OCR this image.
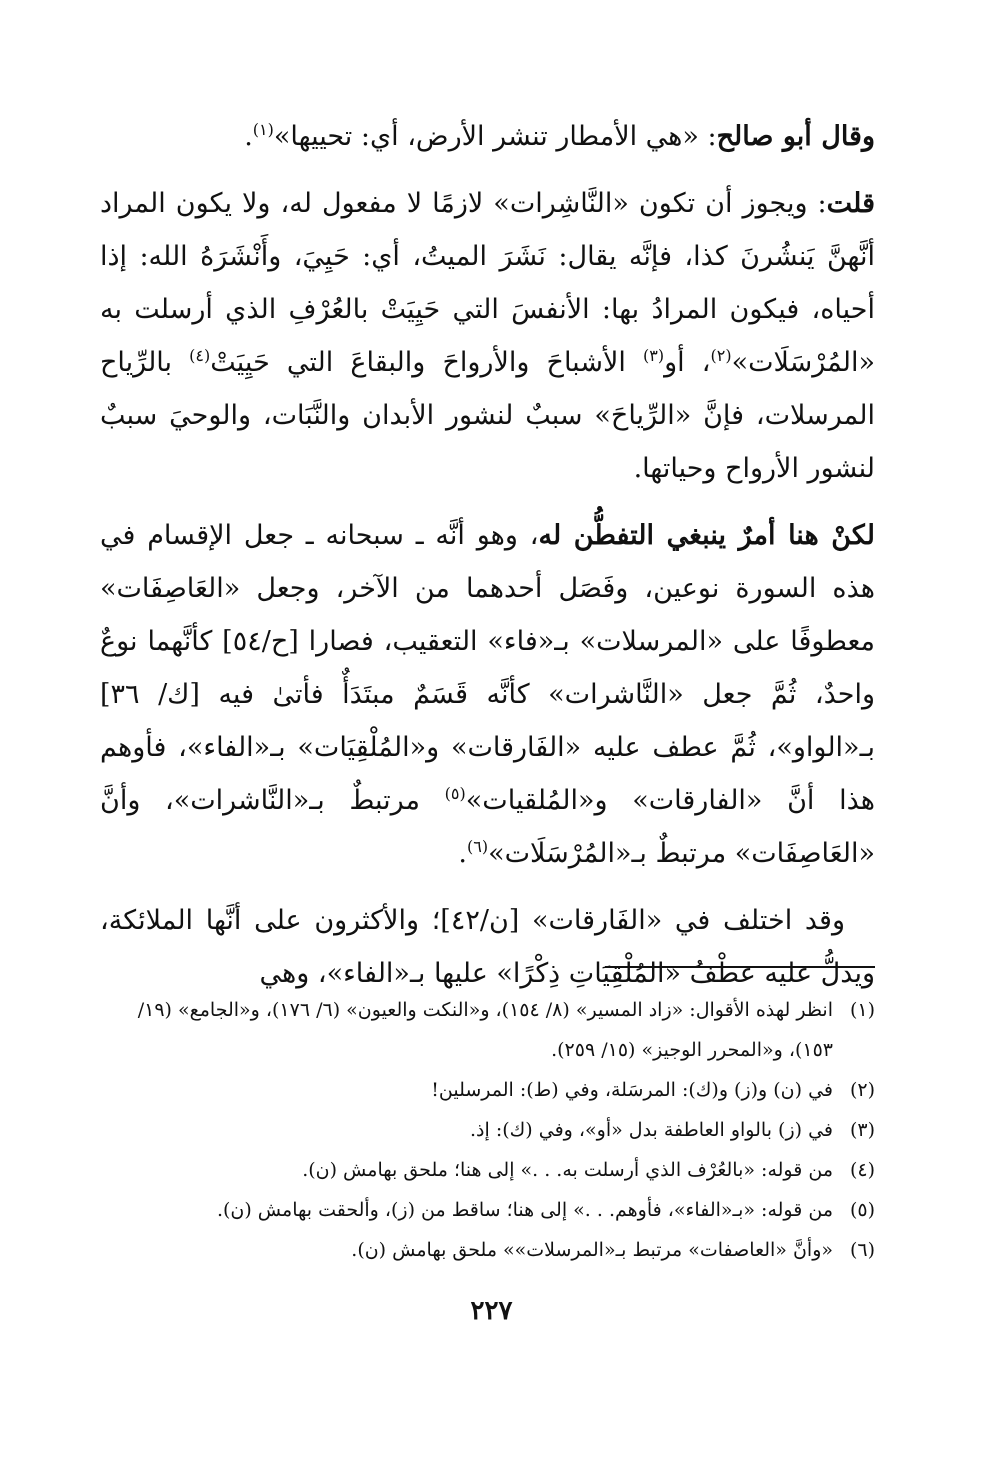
وقال أبو صالح: «هي الأمطار تنشر الأرض، أي: تحييها»$^{(١)}$.

قلت: ويجوز أن تكون «النَّاشِرات» لازمًا لا مفعول له، ولا يكون المراد أنَّهنَّ يَنشُرنَ كذا، فإنَّه يقال: نَشَرَ الميتُ، أي: حَيِيَ، وأَنْشَرَهُ الله: إذا أحياه، فيكون المرادُ بها: الأنفسَ التي حَيِيَتْ بالعُرْفِ الذي أرسلت به «المُرْسَلَات»$^{(٢)}$، أو$^{(٣)}$ الأشباحَ والأرواحَ والبقاعَ التي حَيِيَتْ$^{(٤)}$ بالرِّياح المرسلات، فإنَّ «الرِّياحَ» سببٌ لنشور الأبدان والنَّبَات، والوحيَ سببٌ لنشور الأرواح وحياتها.

لكنْ هنا أمرٌ ينبغي التفطُّن له، وهو أنَّه ـ سبحانه ـ جعل الإقسام في هذه السورة نوعين، وفَصَل أحدهما من الآخر، وجعل «العَاصِفَات» معطوفًا على «المرسلات» بـ«فاء» التعقيب، فصارا [ح/٥٤] كأنَّهما نوعٌ واحدٌ، ثُمَّ جعل «النَّاشرات» كأنَّه قَسَمٌ مبتَدَأٌ فأتىٰ فيه [ك/ ٣٦] بـ«الواو»، ثُمَّ عطف عليه «الفَارقات» و«المُلْقِيَات» بـ«الفاء»، فأوهم هذا أنَّ «الفارقات» و«المُلقيات»$^{(٥)}$ مرتبطٌ بـ«النَّاشرات»، وأنَّ «العَاصِفَات» مرتبطٌ بـ«المُرْسَلَات»$^{(٦)}$.

وقد اختلف في «الفَارقات» [ن/٤٢]؛ والأكثرون على أنَّها الملائكة، ويدلُّ عليه عطْفُ «المُلْقِيَاتِ ذِكْرًا» عليها بـ«الفاء»، وهي

(١)
انظر لهذه الأقوال: «زاد المسير» (٨/ ١٥٤)، و«النكت والعيون» (٦/ ١٧٦)، و«الجامع» (١٩/ ١٥٣)، و«المحرر الوجيز» (١٥/ ٢٥٩).
(٢)
في (ن) و(ز) و(ك): المرسَلة، وفي (ط): المرسلين!
(٣)
في (ز) بالواو العاطفة بدل «أو»، وفي (ك): إذ.
(٤)
من قوله: «بالعُرْف الذي أرسلت به. . .» إلى هنا؛ ملحق بهامش (ن).
(٥)
من قوله: «بـ«الفاء»، فأوهم. . .» إلى هنا؛ ساقط من (ز)، وألحقت بهامش (ن).
(٦)
«وأنَّ «العاصفات» مرتبط بـ«المرسلات»» ملحق بهامش (ن).
٢٢٧
